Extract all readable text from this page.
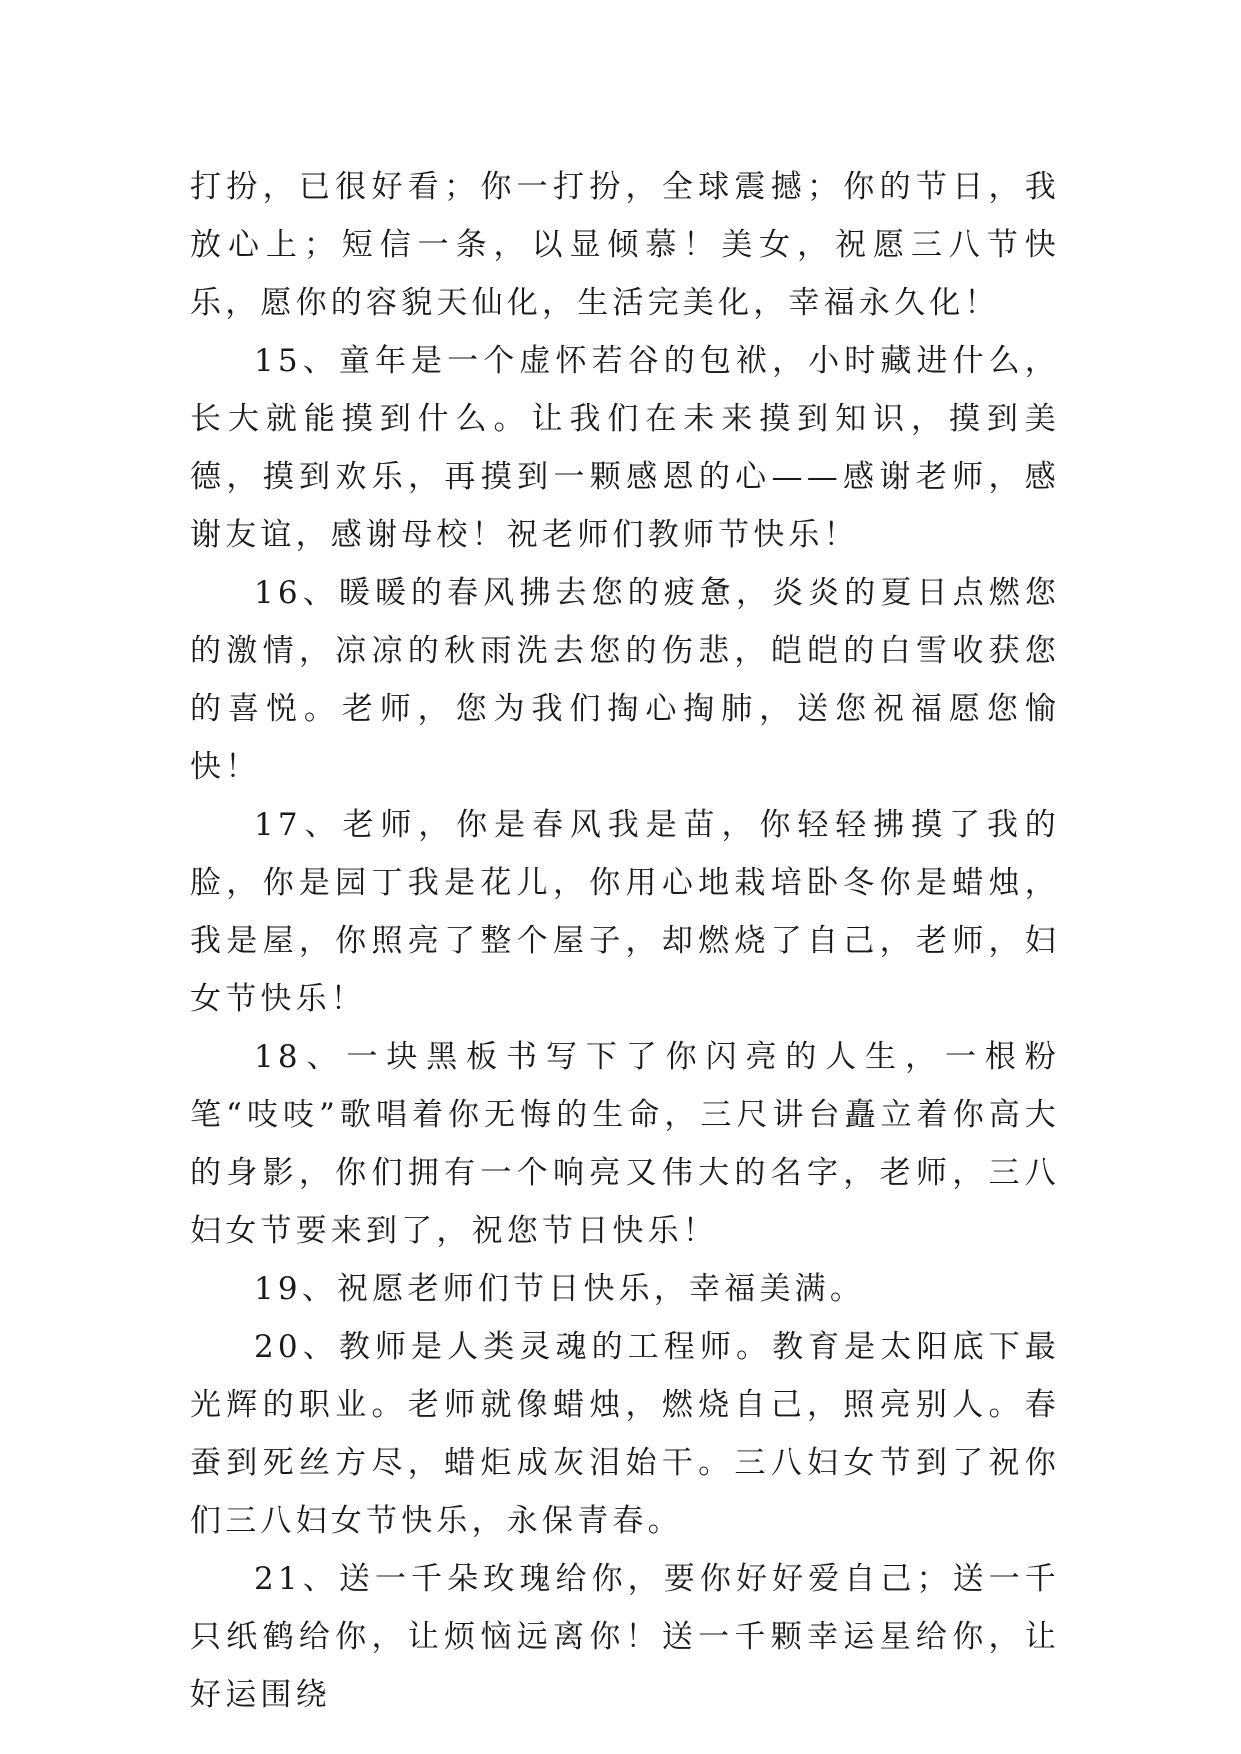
打扮，已很好看；你一打扮，全球震撼；你的节日，我放心上；短信一条，以显倾慕！美女，祝愿三八节快乐，愿你的容貌天仙化，生活完美化，幸福永久化！

15、童年是一个虚怀若谷的包袱，小时藏进什么，长大就能摸到什么。让我们在未来摸到知识，摸到美德，摸到欢乐，再摸到一颗感恩的心——感谢老师，感谢友谊，感谢母校！祝老师们教师节快乐！

16、暖暖的春风拂去您的疲惫，炎炎的夏日点燃您的激情，凉凉的秋雨洗去您的伤悲，皑皑的白雪收获您的喜悦。老师，您为我们掏心掏肺，送您祝福愿您愉快！

17、老师，你是春风我是苗，你轻轻拂摸了我的脸，你是园丁我是花儿，你用心地栽培卧冬你是蜡烛，我是屋，你照亮了整个屋子，却燃烧了自己，老师，妇女节快乐！

18、一块黑板书写下了你闪亮的人生，一根粉笔“吱吱”歌唱着你无悔的生命，三尺讲台矗立着你高大的身影，你们拥有一个响亮又伟大的名字，老师，三八妇女节要来到了，祝您节日快乐！

19、祝愿老师们节日快乐，幸福美满。

20、教师是人类灵魂的工程师。教育是太阳底下最光辉的职业。老师就像蜡烛，燃烧自己，照亮别人。春蚕到死丝方尽，蜡炬成灰泪始干。三八妇女节到了祝你们三八妇女节快乐，永保青春。

21、送一千朵玫瑰给你，要你好好爱自己；送一千只纸鹤给你，让烦恼远离你！送一千颗幸运星给你，让好运围绕
